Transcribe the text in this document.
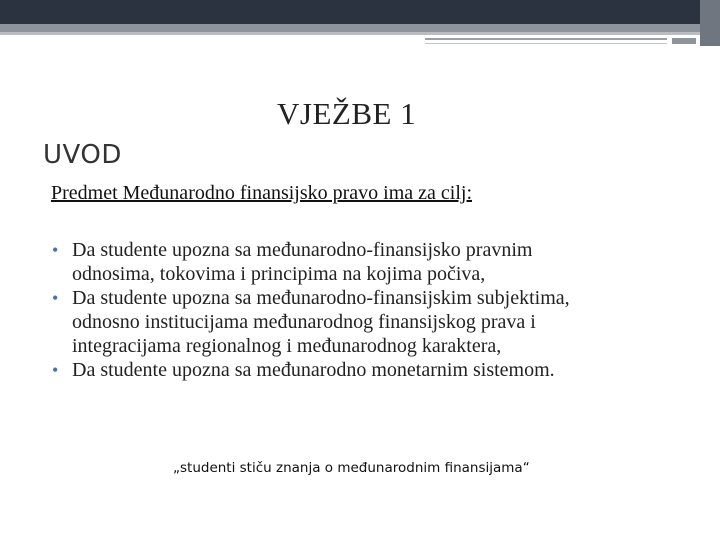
VJEŽBE 1
UVOD

Predmet Međunarodno finansijsko pravo ima za cilj:

• Da studente upozna sa međunarodno-finansijsko pravnim
odnosima, tokovima i principima na kojima počiva,
• Da studente upozna sa međunarodno-finansijskim subjektima,
odnosno institucijama međunarodnog finansijskog prava i
integracijama regionalnog i međunarodnog karaktera,
• Da studente upozna sa međunarodno monetarnim sistemom.

„studenti stiču znanja o međunarodnim finansijama“
